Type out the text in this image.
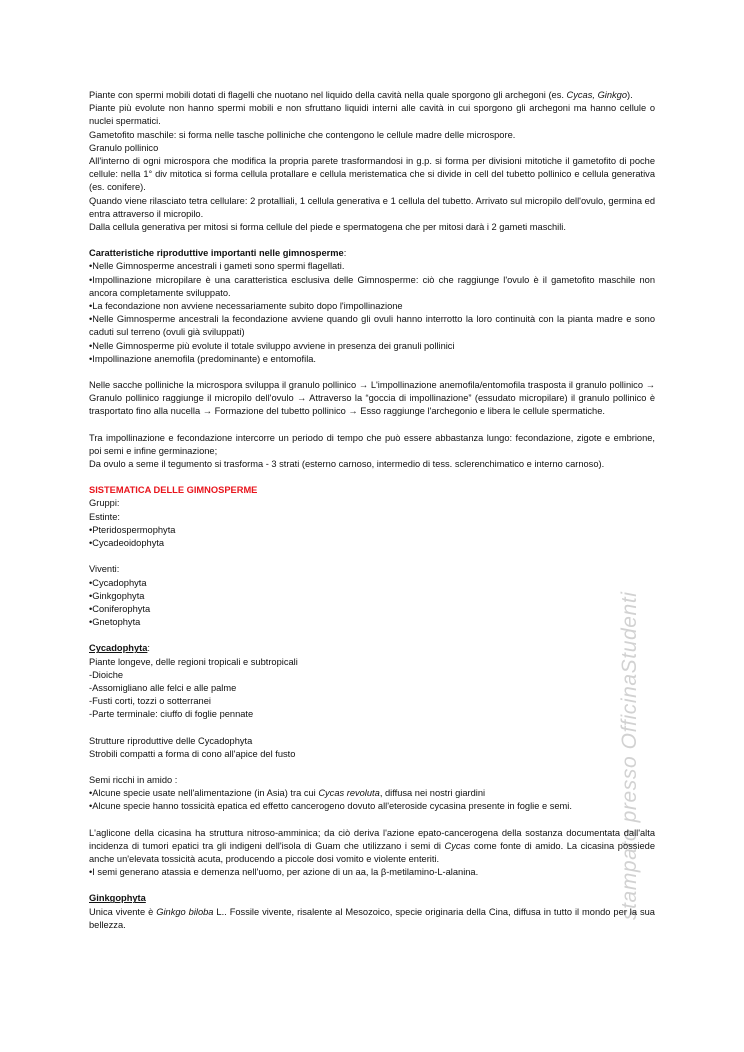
stampato presso OfficinaStudenti

Piante con spermi mobili dotati di flagelli che nuotano nel liquido della cavità nella quale sporgono gli archegoni (es. Cycas, Ginkgo).

Piante più evolute non hanno spermi mobili e non sfruttano liquidi interni alle cavità in cui sporgono gli archegoni ma hanno cellule o nuclei spermatici.

Gametofito maschile: si forma nelle tasche polliniche che contengono le cellule madre delle microspore.

Granulo pollinico

All'interno di ogni microspora che modifica la propria parete trasformandosi in g.p. si forma per divisioni mitotiche il gametofito di poche cellule: nella 1° div mitotica si forma cellula protallare e cellula meristematica che si divide in cell del tubetto pollinico e cellula generativa (es. conifere).

Quando viene rilasciato tetra cellulare: 2 protalliali, 1 cellula generativa e 1 cellula del tubetto. Arrivato sul micropilo dell'ovulo, germina ed entra attraverso il micropilo.

Dalla cellula generativa per mitosi si forma cellule del piede e spermatogena che per mitosi darà i 2 gameti maschili.

Caratteristiche riproduttive importanti nelle gimnosperme:

•Nelle Gimnosperme ancestrali i gameti sono spermi flagellati.

•Impollinazione micropilare è una caratteristica esclusiva delle Gimnosperme: ciò che raggiunge l'ovulo è il gametofito maschile non ancora completamente sviluppato.

•La fecondazione non avviene necessariamente subito dopo l'impollinazione

•Nelle Gimnosperme ancestrali la fecondazione avviene quando gli ovuli hanno interrotto la loro continuità con la pianta madre e sono caduti sul terreno (ovuli già sviluppati)

•Nelle Gimnosperme più evolute il totale sviluppo avviene in presenza dei granuli pollinici

•Impollinazione anemofila (predominante) e entomofila.

Nelle sacche polliniche la microspora sviluppa il granulo pollinico → L'impollinazione anemofila/entomofila trasposta il granulo pollinico → Granulo pollinico raggiunge il micropilo dell'ovulo → Attraverso la “goccia di impollinazione” (essudato micropilare) il granulo pollinico è trasportato fino alla nucella → Formazione del tubetto pollinico → Esso raggiunge l'archegonio e libera le cellule spermatiche.

Tra impollinazione e fecondazione intercorre un periodo di tempo che può essere abbastanza lungo: fecondazione, zigote e embrione, poi semi e infine germinazione;

Da ovulo a seme il tegumento si trasforma - 3 strati (esterno carnoso, intermedio di tess. sclerenchimatico e interno carnoso).

SISTEMATICA DELLE GIMNOSPERME

Gruppi:

Estinte:

•Pteridospermophyta

•Cycadeoidophyta

Viventi:

•Cycadophyta

•Ginkgophyta

•Coniferophyta

•Gnetophyta

Cycadophyta:

Piante longeve, delle regioni tropicali e subtropicali

-Dioiche

-Assomigliano alle felci e alle palme

-Fusti corti, tozzi o sotterranei

-Parte terminale: ciuffo di foglie pennate

Strutture riproduttive delle Cycadophyta

Strobili compatti a forma di cono all'apice del fusto

Semi ricchi in amido :

•Alcune specie usate nell'alimentazione (in Asia) tra cui Cycas revoluta, diffusa nei nostri giardini

•Alcune specie hanno tossicità epatica ed effetto cancerogeno dovuto all'eteroside cycasina presente in foglie e semi.

L'aglicone della cicasina ha struttura nitroso-amminica; da ciò deriva l'azione epato-cancerogena della sostanza documentata dall'alta incidenza di tumori epatici tra gli indigeni dell'isola di Guam che utilizzano i semi di Cycas come fonte di amido. La cicasina possiede anche un'elevata tossicità acuta, producendo a piccole dosi vomito e violente enteriti.

•I semi generano atassia e demenza nell'uomo, per azione di un aa, la β-metilamino-L-alanina.

Ginkgophyta

Unica vivente è Ginkgo biloba L.. Fossile vivente, risalente al Mesozoico, specie originaria della Cina, diffusa in tutto il mondo per la sua bellezza.
